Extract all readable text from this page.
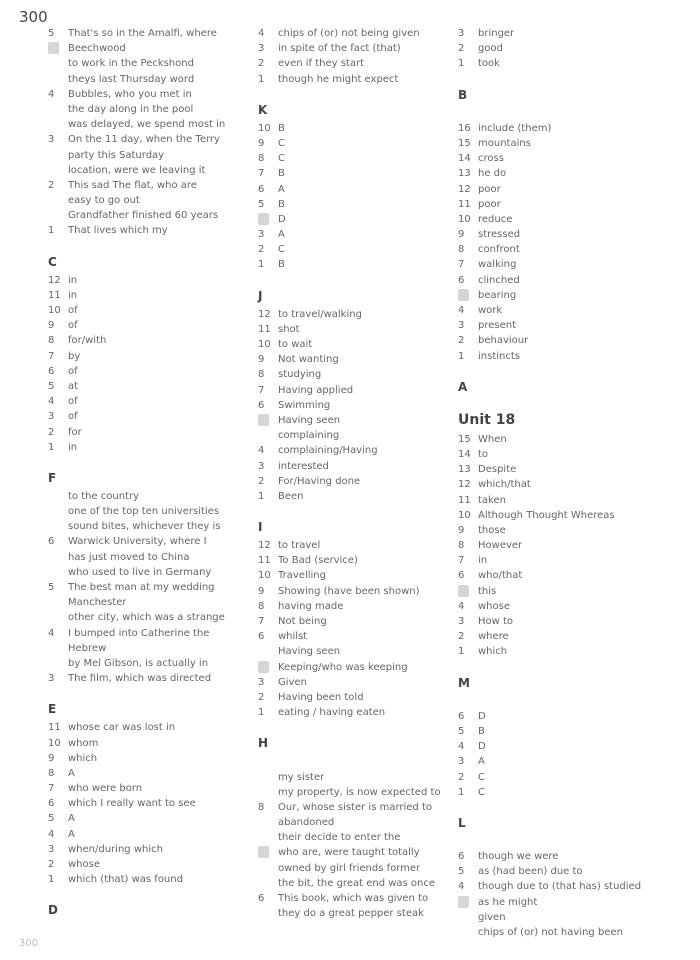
300
5	That's so in the Amalfi, where
Beechwood
to work in the Peckshond
theys last Thursday word
4	Bubbles, who you met in
the day along in the pool
was delayed, we spend most in
3	On the 11 day, when the Terry
party this Saturday
location, were we leaving it
2	This sad The flat, who are
easy to go out
Grandfather finished 60 years
1	That lives which my
C
12 in
11 in
10 of
9	of
8	for/with
7	by
6	of
5	at
4	of
3	of
2	for
1	in
F
to the country
one of the top ten universities
sound bites, whichever they is
6	Warwick University, where I
has just moved to China
who used to live in Germany
5	The best man at my wedding
Manchester
other city, which was a strange
4	I bumped into Catherine the
Hebrew
by Mel Gibson, is actually in
3	The film, which was directed
E
11 whose car was lost in
10 whom
9	which
8	A
7	who were born
6	which I really want to see
5	A
4	A
3	when/during which
2	whose
1	which (that) was found
D
4	chips of (or) not being given
3	in spite of the fact (that)
2	even if they start
1	though he might expect
K
10 B
9	C
8	C
7	B
6	A
5	B
D
3	A
2	C
1	B
J
12 to travel/walking
11 shot
10 to wait
9	Not wanting
8	studying
7	Having applied
6	Swimming
Having seen
complaining
4	complaining/Having
3	interested
2	For/Having done
1	Been
I
12 to travel
11 To Bad (service)
10 Travelling
9	Showing (have been shown)
8	having made
7	Not being
6	whilst
Having seen
Keeping/who was keeping
3	Given
2	Having been told
1	eating / having eaten
H
my sister
my property, is now expected to
8	Our, whose sister is married to
abandoned
their decide to enter the
who are, were taught totally
owned by girl friends former
the bit, the great end was once
6	This book, which was given to
they do a great pepper steak
3	bringer
2	good
1	took
B
16 include (them)
15 mountains
14 cross
13 he do
12 poor
11 poor
10 reduce
9	stressed
8	confront
7	walking
6	clinched
bearing
4	work
3	present
2	behaviour
1	instincts
A
Unit 18
15 When
14 to
13 Despite
12 which/that
11 taken
10 Although Thought Whereas
9	those
8	However
7	in
6	who/that
this
4	whose
3	How to
2	where
1	which
M
6	D
5	B
4	D
3	A
2	C
1	C
L
6	though we were
5	as (had been) due to
4	though due to (that has) studied
as he might
given
chips of (or) not having been
300
